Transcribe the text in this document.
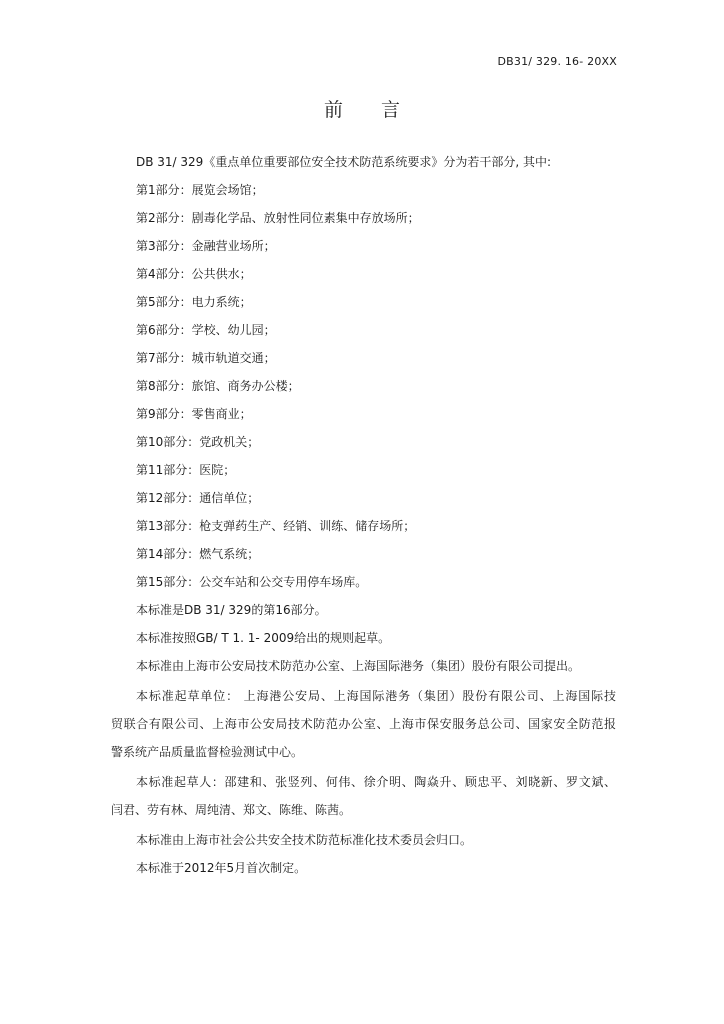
DB31/ 329. 16- 20XX
前 言
DB 31/ 329《重点单位重要部位安全技术防范系统要求》分为若干部分, 其中:
第1部分：展览会场馆；
第2部分：剧毒化学品、放射性同位素集中存放场所；
第3部分：金融营业场所；
第4部分：公共供水；
第5部分：电力系统；
第6部分：学校、幼儿园；
第7部分：城市轨道交通；
第8部分：旅馆、商务办公楼；
第9部分：零售商业；
第10部分：党政机关；
第11部分：医院；
第12部分：通信单位；
第13部分：枪支弹药生产、经销、训练、储存场所；
第14部分：燃气系统；
第15部分：公交车站和公交专用停车场库。
本标准是DB 31/ 329的第16部分。
本标准按照GB/ T 1. 1- 2009给出的规则起草。
本标准由上海市公安局技术防范办公室、上海国际港务（集团）股份有限公司提出。
本标准起草单位： 上海港公安局、上海国际港务（集团）股份有限公司、上海国际技
贸联合有限公司、上海市公安局技术防范办公室、上海市保安服务总公司、国家安全防范报
警系统产品质量监督检验测试中心。
本标准起草人：邵建和、张竖列、何伟、徐介明、陶焱升、顾忠平、刘晓新、罗文斌、
闫君、劳有林、周纯清、郑文、陈维、陈茜。
本标准由上海市社会公共安全技术防范标准化技术委员会归口。
本标准于2012年5月首次制定。
